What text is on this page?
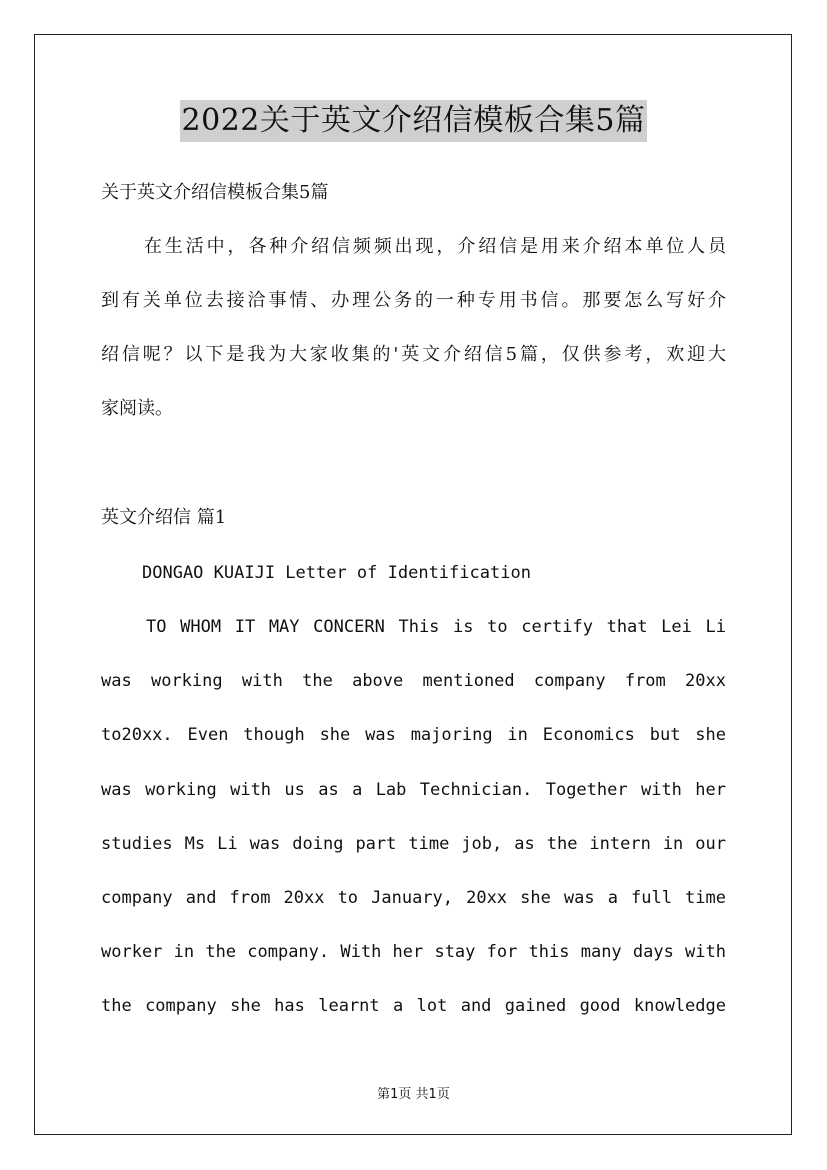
2022关于英文介绍信模板合集5篇
关于英文介绍信模板合集5篇
在生活中，各种介绍信频频出现，介绍信是用来介绍本单位人员
到有关单位去接洽事情、办理公务的一种专用书信。那要怎么写好介
绍信呢？以下是我为大家收集的'英文介绍信5篇，仅供参考，欢迎大
家阅读。
英文介绍信 篇1
DONGAO KUAIJI Letter of Identification
TO WHOM IT MAY CONCERN This is to certify that Lei Li
was working with the above mentioned company from 20xx
to20xx. Even though she was majoring in Economics but she
was working with us as a Lab Technician. Together with her
studies Ms Li was doing part time job, as the intern in our
company and from 20xx to January, 20xx she was a full time
worker in the company. With her stay for this many days with
the company she has learnt a lot and gained good knowledge
第1页 共1页
